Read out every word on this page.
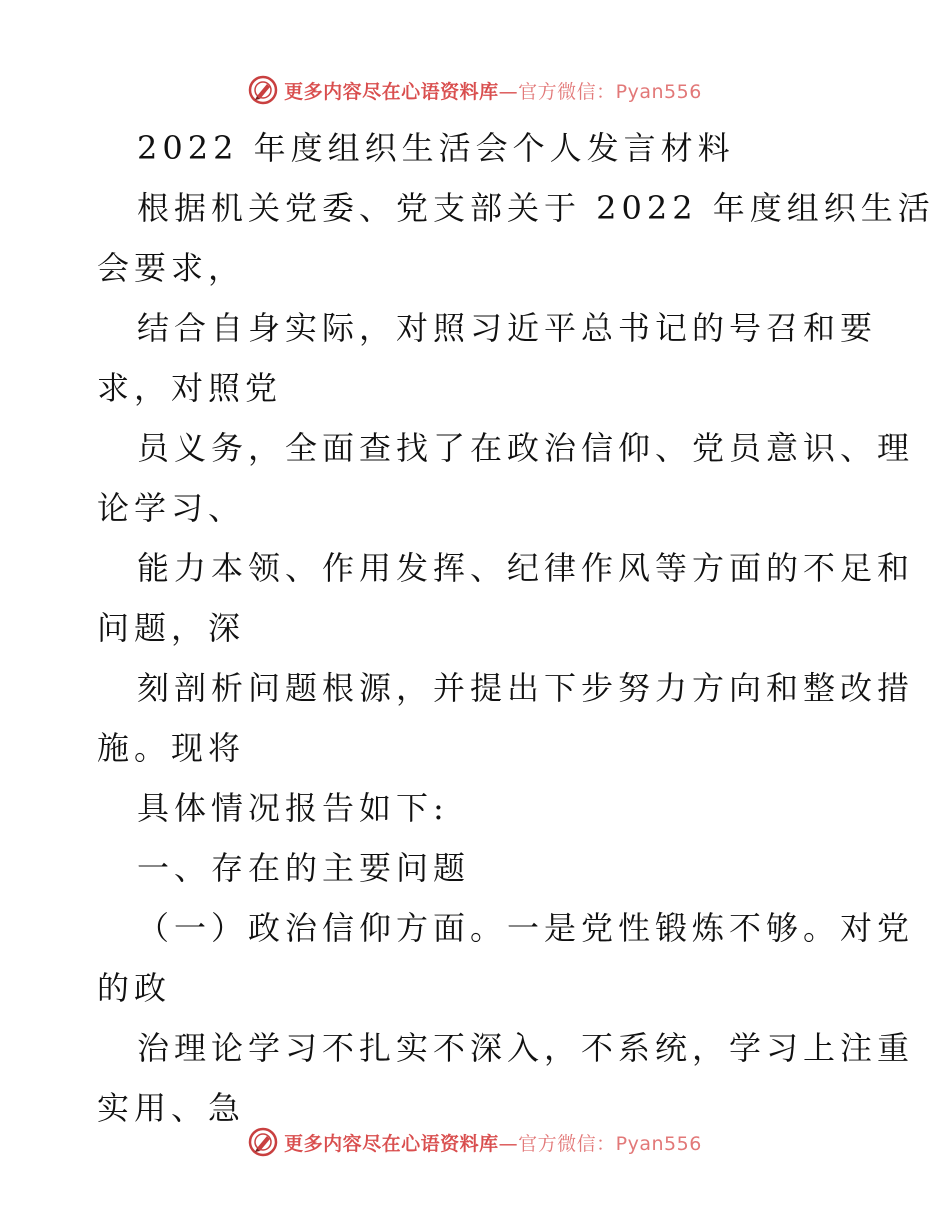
更多内容尽在心语资料库—官方微信：Pyan556
2022 年度组织生活会个人发言材料
根据机关党委、党支部关于 2022 年度组织生活
会要求，
结合自身实际，对照习近平总书记的号召和要
求，对照党
员义务，全面查找了在政治信仰、党员意识、理
论学习、
能力本领、作用发挥、纪律作风等方面的不足和
问题，深
刻剖析问题根源，并提出下步努力方向和整改措
施。现将
具体情况报告如下:
一、存在的主要问题
（一）政治信仰方面。一是党性锻炼不够。对党
的政
治理论学习不扎实不深入，不系统，学习上注重
实用、急
更多内容尽在心语资料库—官方微信：Pyan556
